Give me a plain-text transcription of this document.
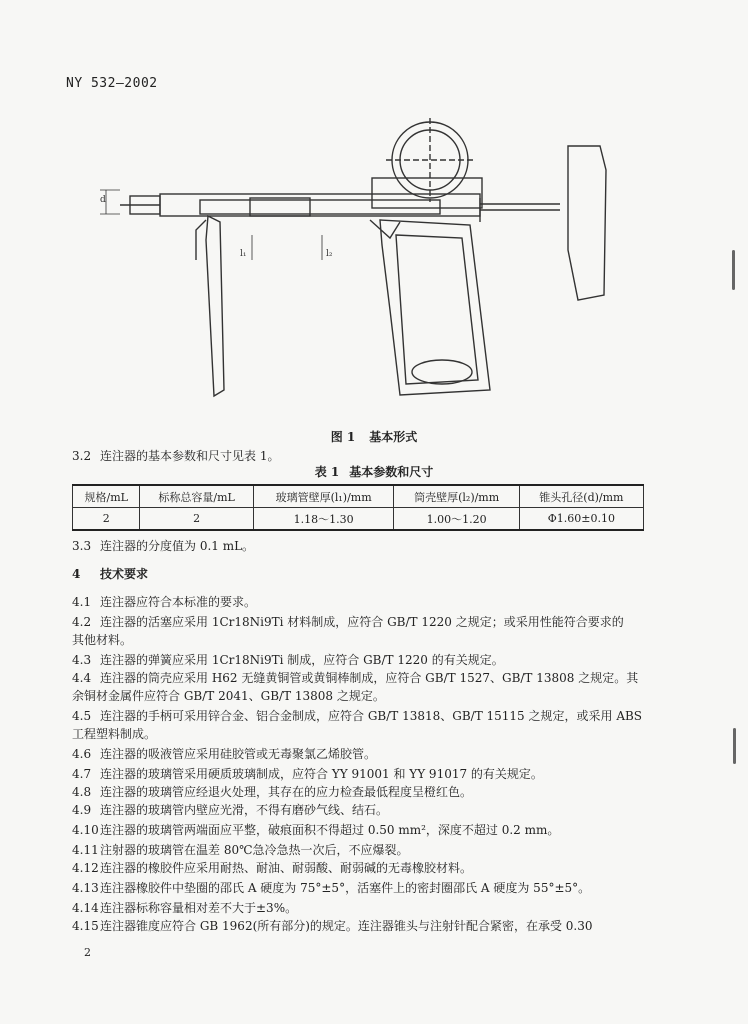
NY 532—2002
d
l₁	l₂
图 1 基本形式
3.2 连注器的基本参数和尺寸见表 1。
3.3 连注器的分度值为 0.1 mL。
4 技术要求
4.1 连注器应符合本标准的要求。
4.2 连注器的活塞应采用 1Cr18Ni9Ti 材料制成，应符合 GB/T 1220 之规定；或采用性能符合要求的
其他材料。
4.3 连注器的弹簧应采用 1Cr18Ni9Ti 制成，应符合 GB/T 1220 的有关规定。
4.4 连注器的筒壳应采用 H62 无缝黄铜管或黄铜棒制成，应符合 GB/T 1527、GB/T 13808 之规定。其
余铜材金属件应符合 GB/T 2041、GB/T 13808 之规定。
4.5 连注器的手柄可采用锌合金、铝合金制成，应符合 GB/T 13818、GB/T 15115 之规定，或采用 ABS
工程塑料制成。
4.6 连注器的吸液管应采用硅胶管或无毒聚氯乙烯胶管。
4.7 连注器的玻璃管采用硬质玻璃制成，应符合 YY 91001 和 YY 91017 的有关规定。
4.8 连注器的玻璃管应经退火处理，其存在的应力检查最低程度呈橙红色。
4.9 连注器的玻璃管内壁应光滑，不得有磨砂气线、结石。
4.10连注器的玻璃管两端面应平整，破痕面积不得超过 0.50 mm²，深度不超过 0.2 mm。
4.11注射器的玻璃管在温差 80℃急冷急热一次后，不应爆裂。
4.12连注器的橡胶件应采用耐热、耐油、耐弱酸、耐弱碱的无毒橡胶材料。
4.13连注器橡胶件中垫圈的邵氏 A 硬度为 75°±5°，活塞件上的密封圈邵氏 A 硬度为 55°±5°。
4.14连注器标称容量相对差不大于±3%。
4.15连注器锥度应符合 GB 1962(所有部分)的规定。连注器锥头与注射针配合紧密，在承受 0.30
表 1 基本参数和尺寸
规格/mL	标称总容量/mL	玻璃管壁厚(l₁)/mm	筒壳壁厚(l₂)/mm	锥头孔径(d)/mm
2	2	1.18～1.30	1.00～1.20	Φ1.60±0.10
2
